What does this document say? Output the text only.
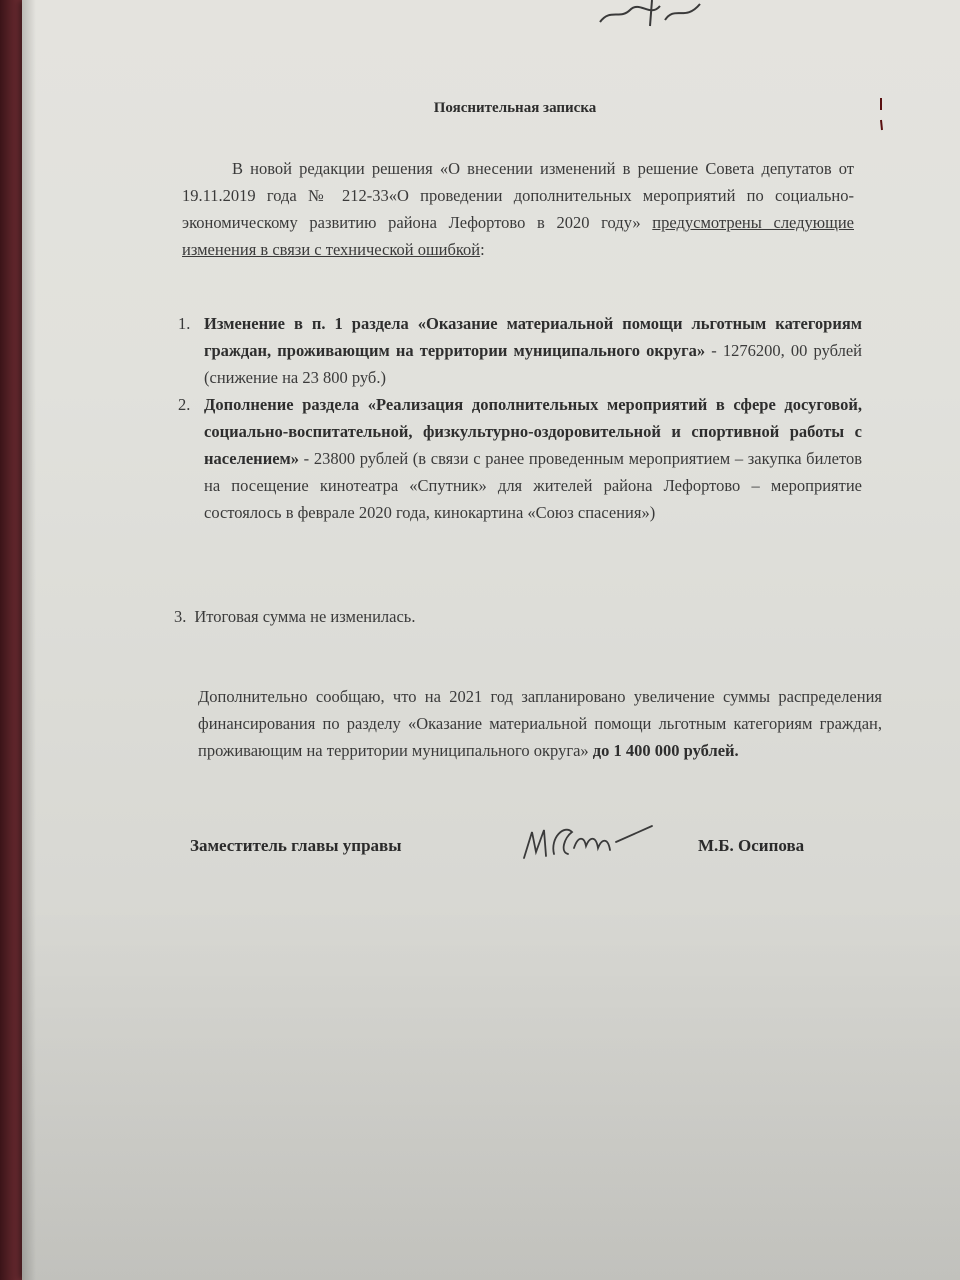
Пояснительная записка
В новой редакции решения «О внесении изменений в решение Совета депутатов от 19.11.2019 года № 212-33«О проведении дополнительных мероприятий по социально-экономическому развитию района Лефортово в 2020 году» предусмотрены следующие изменения в связи с технической ошибкой:
1. Изменение в п. 1 раздела «Оказание материальной помощи льготным категориям граждан, проживающим на территории муниципального округа» - 1276200, 00 рублей (снижение на 23 800 руб.)
2. Дополнение раздела «Реализация дополнительных мероприятий в сфере досуговой, социально-воспитательной, физкультурно-оздоровительной и спортивной работы с населением» - 23800 рублей (в связи с ранее проведенным мероприятием – закупка билетов на посещение кинотеатра «Спутник» для жителей района Лефортово – мероприятие состоялось в феврале 2020 года, кинокартина «Союз спасения»)
3. Итоговая сумма не изменилась.
Дополнительно сообщаю, что на 2021 год запланировано увеличение суммы распределения финансирования по разделу «Оказание материальной помощи льготным категориям граждан, проживающим на территории муниципального округа» до 1 400 000 рублей.
Заместитель главы управы	М.Б. Осипова
